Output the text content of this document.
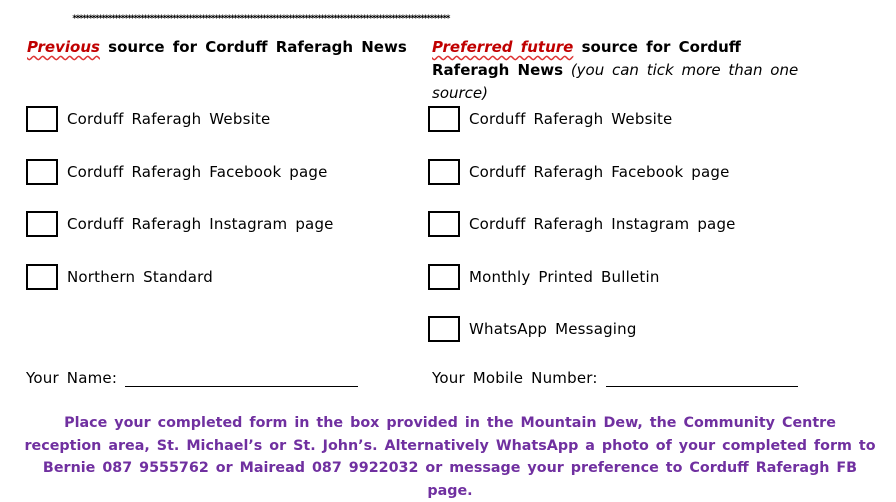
*********************************************************************************************************************
Previous source for Corduff Raferagh News	Preferred future source for Corduff Raferagh News (you can tick more than one source)
Corduff Raferagh Website
Corduff Raferagh Facebook page
Corduff Raferagh Instagram page
Northern Standard
Corduff Raferagh Website
Corduff Raferagh Facebook page
Corduff Raferagh Instagram page
Monthly Printed Bulletin
WhatsApp Messaging
Your Name:	Your Mobile Number:
Place your completed form in the box provided in the Mountain Dew, the Community Centre
reception area, St. Michael’s or St. John’s. Alternatively WhatsApp a photo of your completed form to
Bernie 087 9555762 or Mairead 087 9922032 or message your preference to Corduff Raferagh FB page.
